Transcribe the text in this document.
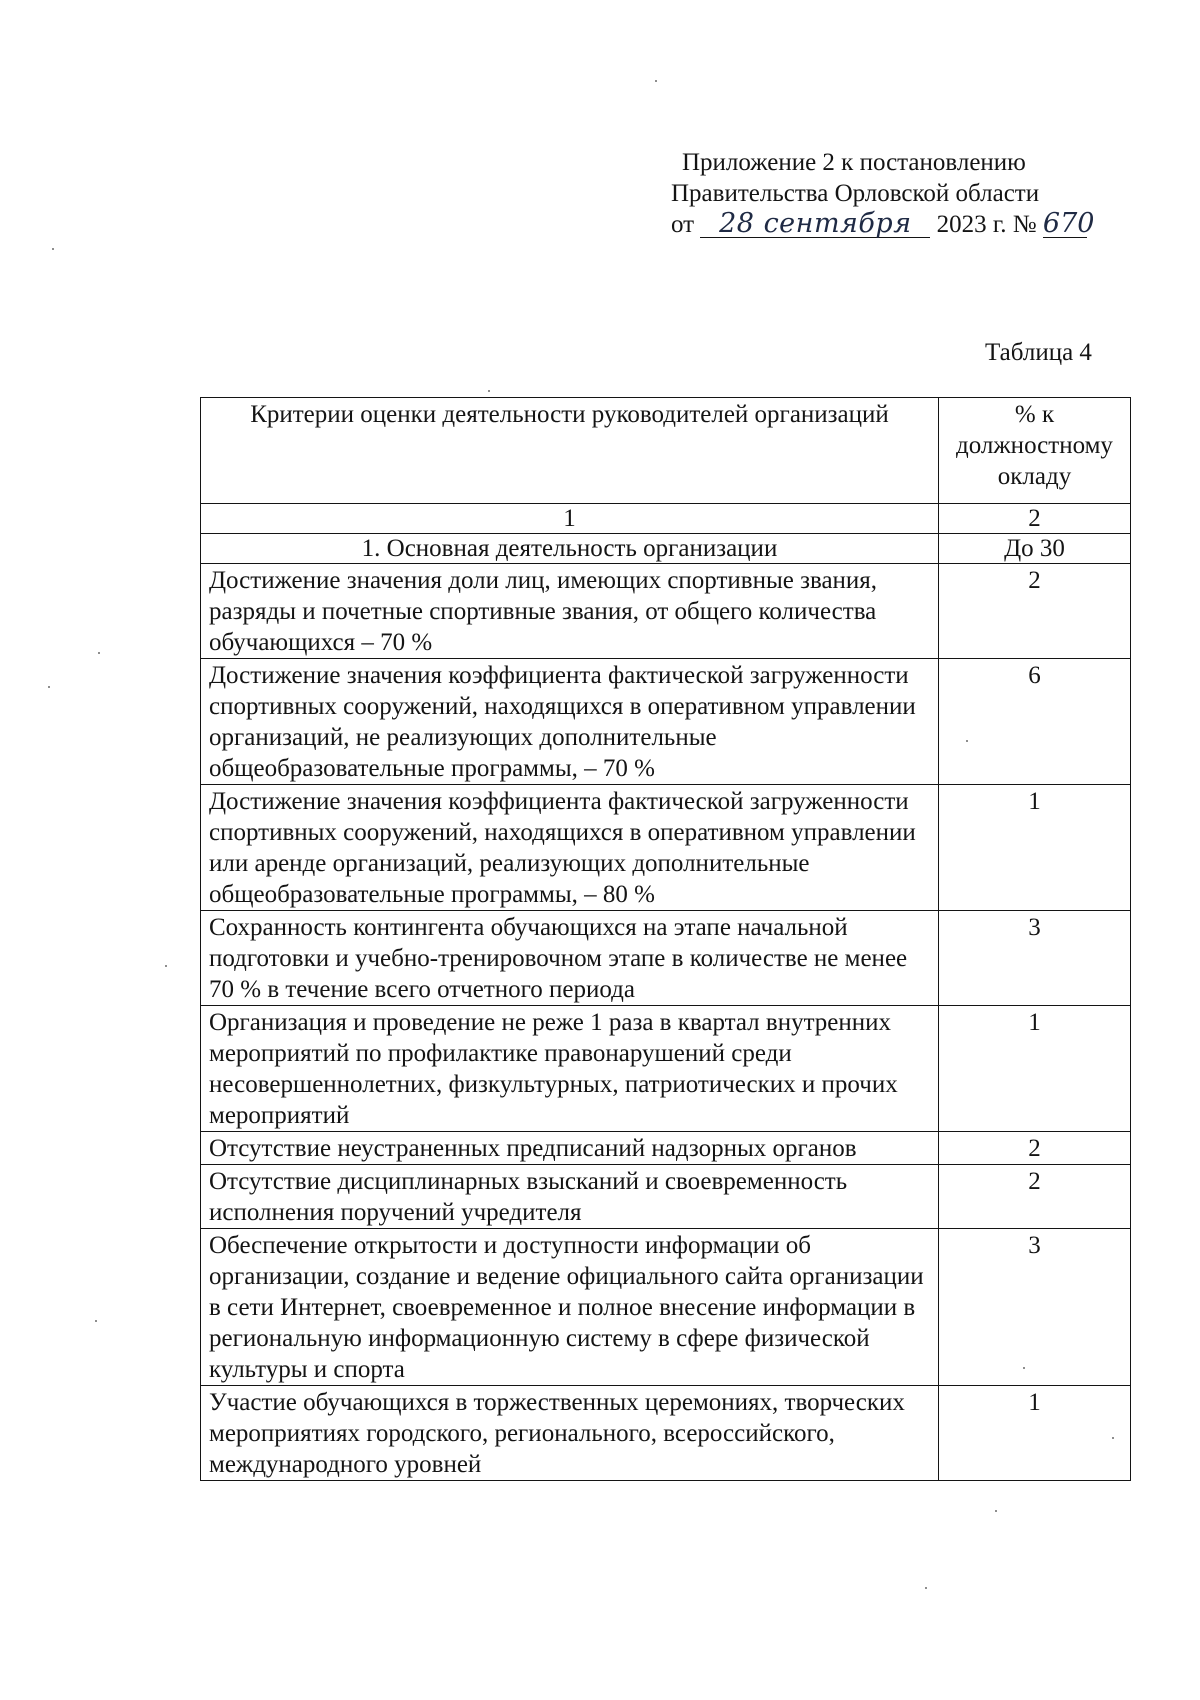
Приложение 2 к постановлению
Правительства Орловской области
от 28 сентября 2023 г. № 670
Таблица 4
Критерии оценки деятельности руководителей организаций	% к должностному окладу
1	2
1. Основная деятельность организации	До 30
Достижение значения доли лиц, имеющих спортивные звания, разряды и почетные спортивные звания, от общего количества обучающихся – 70 %	2
Достижение значения коэффициента фактической загруженности спортивных сооружений, находящихся в оперативном управлении организаций, не реализующих дополнительные общеобразовательные программы, – 70 %	6
Достижение значения коэффициента фактической загруженности спортивных сооружений, находящихся в оперативном управлении или аренде организаций, реализующих дополнительные общеобразовательные программы, – 80 %	1
Сохранность контингента обучающихся на этапе начальной подготовки и учебно-тренировочном этапе в количестве не менее 70 % в течение всего отчетного периода	3
Организация и проведение не реже 1 раза в квартал внутренних мероприятий по профилактике правонарушений среди несовершеннолетних, физкультурных, патриотических и прочих мероприятий	1
Отсутствие неустраненных предписаний надзорных органов	2
Отсутствие дисциплинарных взысканий и своевременность исполнения поручений учредителя	2
Обеспечение открытости и доступности информации об организации, создание и ведение официального сайта организации в сети Интернет, своевременное и полное внесение информации в региональную информационную систему в сфере физической культуры и спорта	3
Участие обучающихся в торжественных церемониях, творческих мероприятиях городского, регионального, всероссийского, международного уровней	1
